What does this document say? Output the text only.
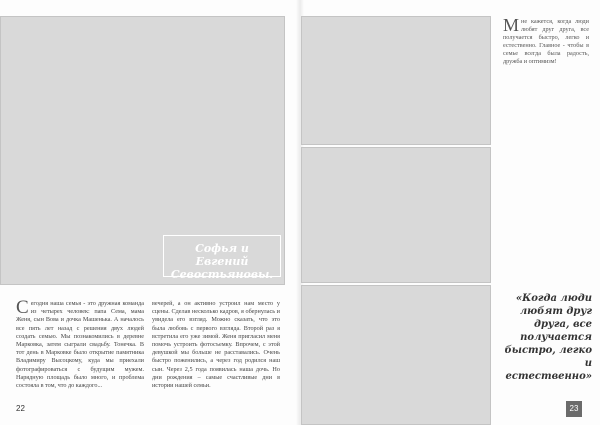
Софья и Евгений
Севостьяновы.
Сегодня наша семья - это дружная команда из четырех человек: папа Сема, мама Женя, сын Вова и дочка Машенька. А началось все пять лет назад с решения двух людей создать семью. Мы познакомились в деревне Марковка, затем сыграли свадьбу. Тонечка. В тот день в Марковке было открытие памятника Владимиру Высоцкому, куда мы приехали фотографироваться с будущим мужем. Нарядную площадь было много, и проблема состояла в том, что до каждого...
вечерей, а он активно устроил нам место у сцены. Сделав несколько кадров, я обернулась и увидела его взгляд. Можно сказать, что это была любовь с первого взгляда. Второй раз я встретила его уже зимой. Женя пригласил меня помочь устроить фотосъемку. Впрочем, с этой девушкой мы больше не расставались. Очень быстро поженились, а через год родился наш сын. Через 2,5 года появилась наша дочь. Но дни рождения – самые счастливые дни в истории нашей семьи.
22	23
Мне кажется, когда люди любят друг друга, все получается быстро, легко и естественно. Главное - чтобы в семье всегда была радость, дружба и оптимизм!
«Когда люди любят друг друга, все получается быстро, легко и естественно»
